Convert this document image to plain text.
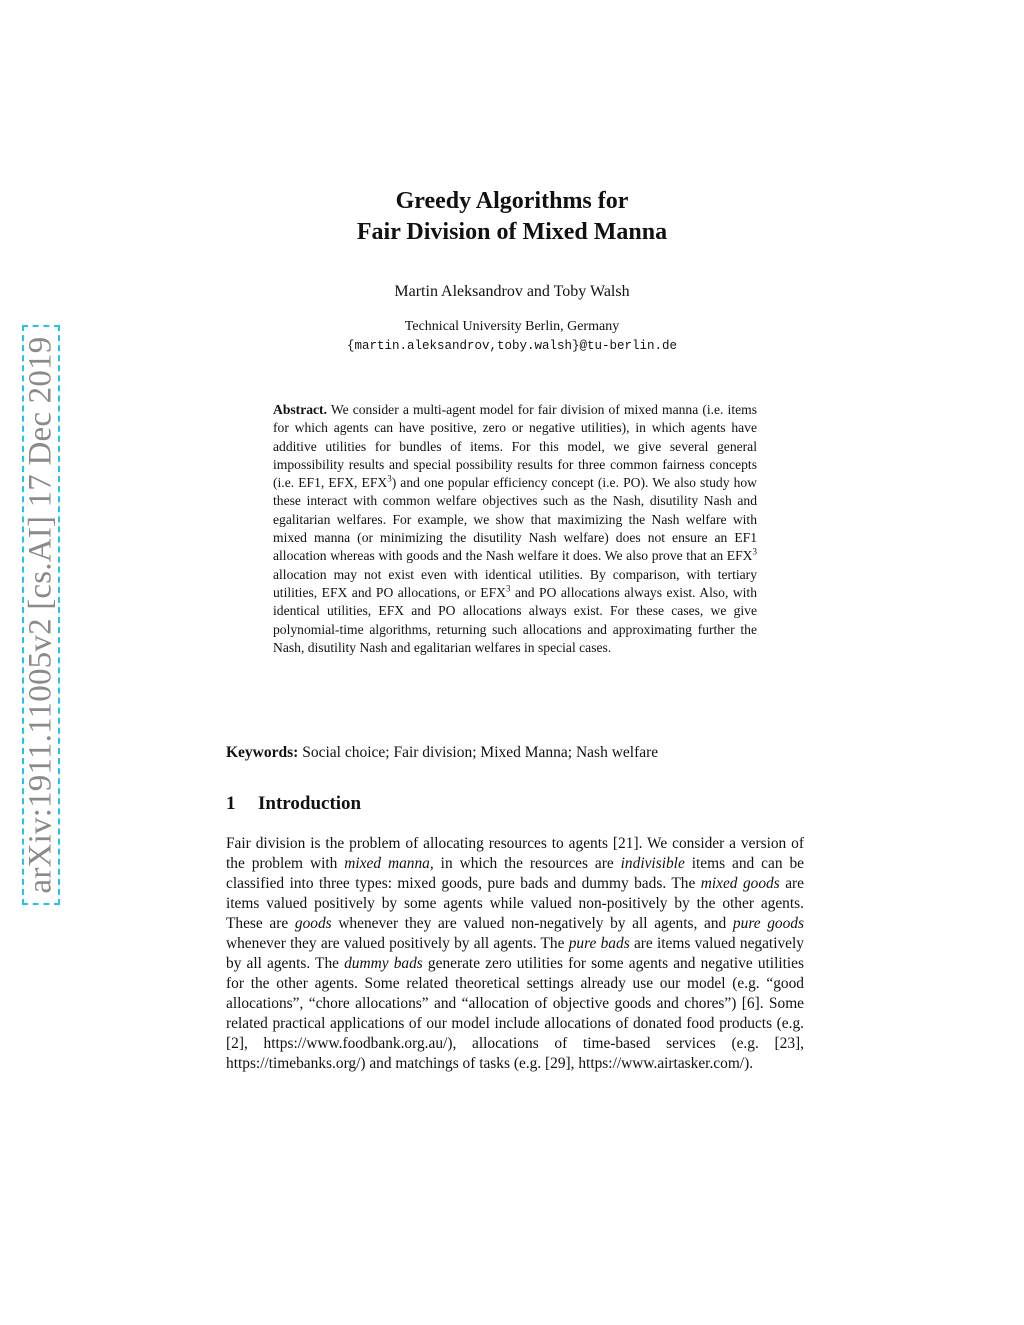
arXiv:1911.11005v2 [cs.AI] 17 Dec 2019
Greedy Algorithms for
Fair Division of Mixed Manna
Martin Aleksandrov and Toby Walsh
Technical University Berlin, Germany
{martin.aleksandrov,toby.walsh}@tu-berlin.de
Abstract. We consider a multi-agent model for fair division of mixed manna (i.e. items for which agents can have positive, zero or negative utilities), in which agents have additive utilities for bundles of items. For this model, we give several general impossibility results and special possibility results for three common fairness concepts (i.e. EF1, EFX, EFX$^3$) and one popular efficiency concept (i.e. PO). We also study how these interact with common welfare objectives such as the Nash, disutility Nash and egalitarian welfares. For example, we show that maximizing the Nash welfare with mixed manna (or minimizing the disutility Nash welfare) does not ensure an EF1 allocation whereas with goods and the Nash welfare it does. We also prove that an EFX$^3$ allocation may not exist even with identical utilities. By comparison, with tertiary utilities, EFX and PO allocations, or EFX$^3$ and PO allocations always exist. Also, with identical utilities, EFX and PO allocations always exist. For these cases, we give polynomial-time algorithms, returning such allocations and approximating further the Nash, disutility Nash and egalitarian welfares in special cases.
Keywords: Social choice; Fair division; Mixed Manna; Nash welfare
1 Introduction
Fair division is the problem of allocating resources to agents [21]. We consider a version of the problem with mixed manna, in which the resources are indivisible items and can be classified into three types: mixed goods, pure bads and dummy bads. The mixed goods are items valued positively by some agents while valued non-positively by the other agents. These are goods whenever they are valued non-negatively by all agents, and pure goods whenever they are valued positively by all agents. The pure bads are items valued negatively by all agents. The dummy bads generate zero utilities for some agents and negative utilities for the other agents. Some related theoretical settings already use our model (e.g. “good allocations”, “chore allocations” and “allocation of objective goods and chores”) [6]. Some related practical applications of our model include allocations of donated food products (e.g. [2], https://www.foodbank.org.au/), allocations of time-based services (e.g. [23], https://timebanks.org/) and matchings of tasks (e.g. [29], https://www.airtasker.com/).
